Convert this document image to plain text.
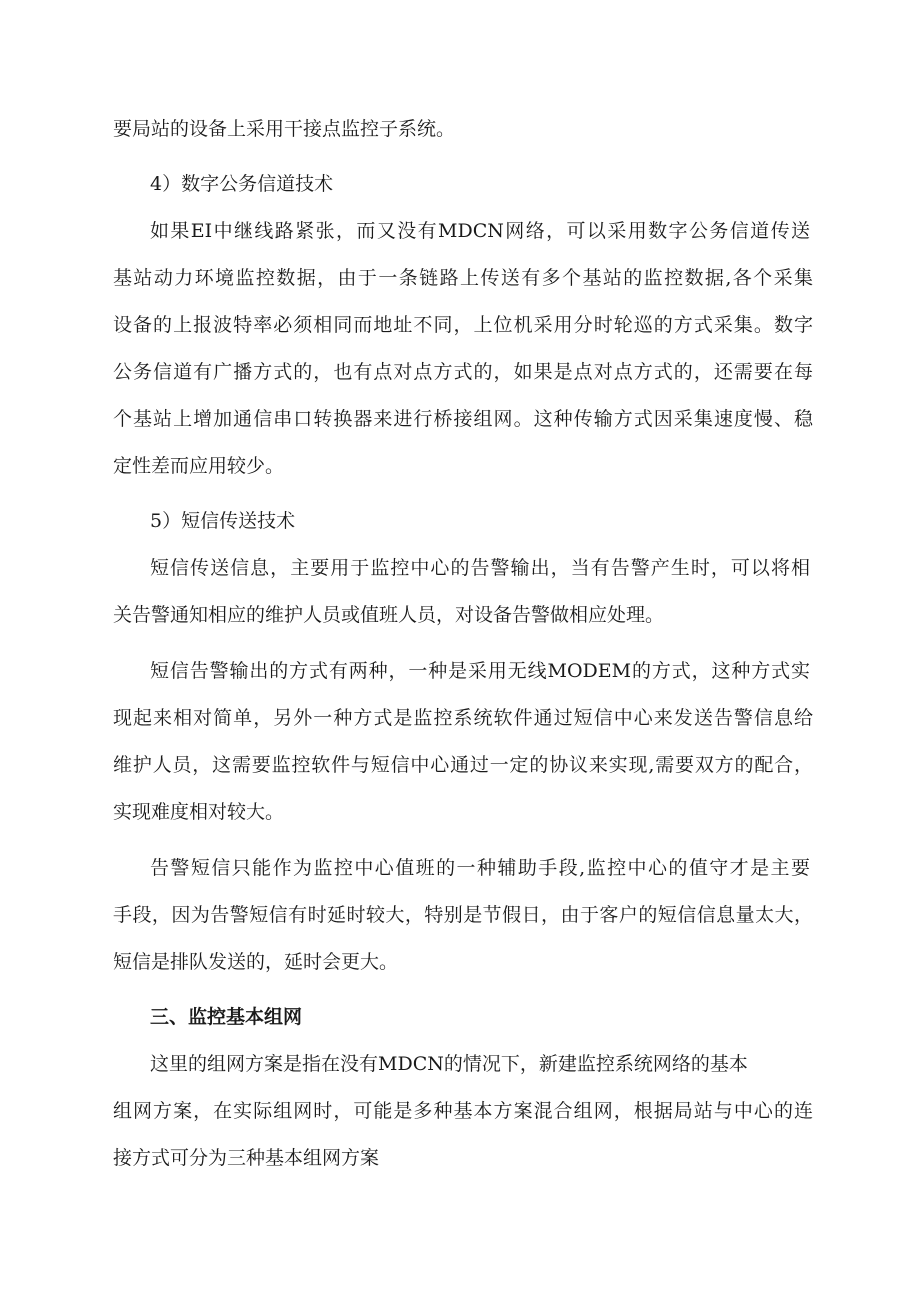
要局站的设备上采用干接点监控子系统。
4）数字公务信道技术
如果EI中继线路紧张，而又没有MDCN网络，可以采用数字公务信道传送
基站动力环境监控数据，由于一条链路上传送有多个基站的监控数据,各个采集
设备的上报波特率必须相同而地址不同，上位机采用分时轮巡的方式采集。数字
公务信道有广播方式的，也有点对点方式的，如果是点对点方式的，还需要在每
个基站上增加通信串口转换器来进行桥接组网。这种传输方式因采集速度慢、稳
定性差而应用较少。
5）短信传送技术
短信传送信息，主要用于监控中心的告警输出，当有告警产生时，可以将相
关告警通知相应的维护人员或值班人员，对设备告警做相应处理。
短信告警输出的方式有两种，一种是采用无线MODEM的方式，这种方式实
现起来相对简单，另外一种方式是监控系统软件通过短信中心来发送告警信息给
维护人员，这需要监控软件与短信中心通过一定的协议来实现,需要双方的配合，
实现难度相对较大。
告警短信只能作为监控中心值班的一种辅助手段,监控中心的值守才是主要
手段，因为告警短信有时延时较大，特别是节假日，由于客户的短信信息量太大，
短信是排队发送的，延时会更大。
三、监控基本组网
这里的组网方案是指在没有MDCN的情况下，新建监控系统网络的基本
组网方案，在实际组网时，可能是多种基本方案混合组网，根据局站与中心的连
接方式可分为三种基本组网方案
